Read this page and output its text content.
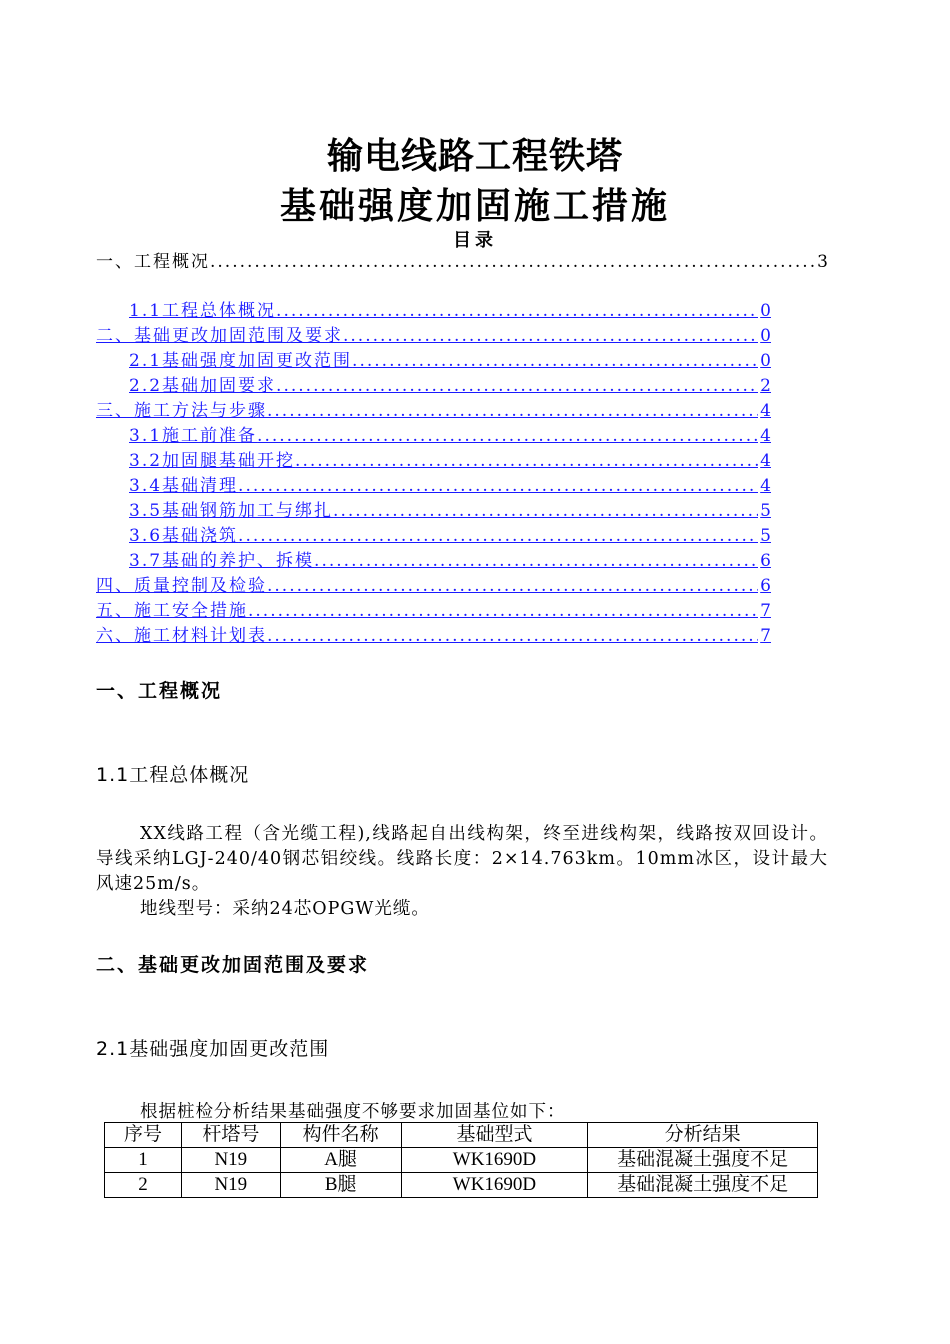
输电线路工程铁塔
基础强度加固施工措施
目录
一、工程概况 .....	3
1.1工程总体概况 .....	0
二、基础更改加固范围及要求 .....	0
2.1基础强度加固更改范围 .....	0
2.2基础加固要求 .....	2
三、施工方法与步骤 .....	4
3.1施工前准备 .....	4
3.2加固腿基础开挖 .....	4
3.4基础清理 .....	4
3.5基础钢筋加工与绑扎 .....	5
3.6基础浇筑 .....	5
3.7基础的养护、拆模 .....	6
四、质量控制及检验 .....	6
五、施工安全措施 .....	7
六、施工材料计划表 .....	7
一、工程概况
1.1工程总体概况

XX线路工程（含光缆工程),线路起自出线构架，终至进线构架，线路按双回设计。导线采纳LGJ-240/40钢芯铝绞线。线路长度：2×14.763km。10mm冰区，设计最大风速25m/s。

地线型号：采纳24芯OPGW光缆。

二、基础更改加固范围及要求
2.1基础强度加固更改范围
根据桩检分析结果基础强度不够要求加固基位如下：
序号	杆塔号	构件名称	基础型式	分析结果
1	N19	A腿	WK1690D	基础混凝土强度不足
2	N19	B腿	WK1690D	基础混凝土强度不足
